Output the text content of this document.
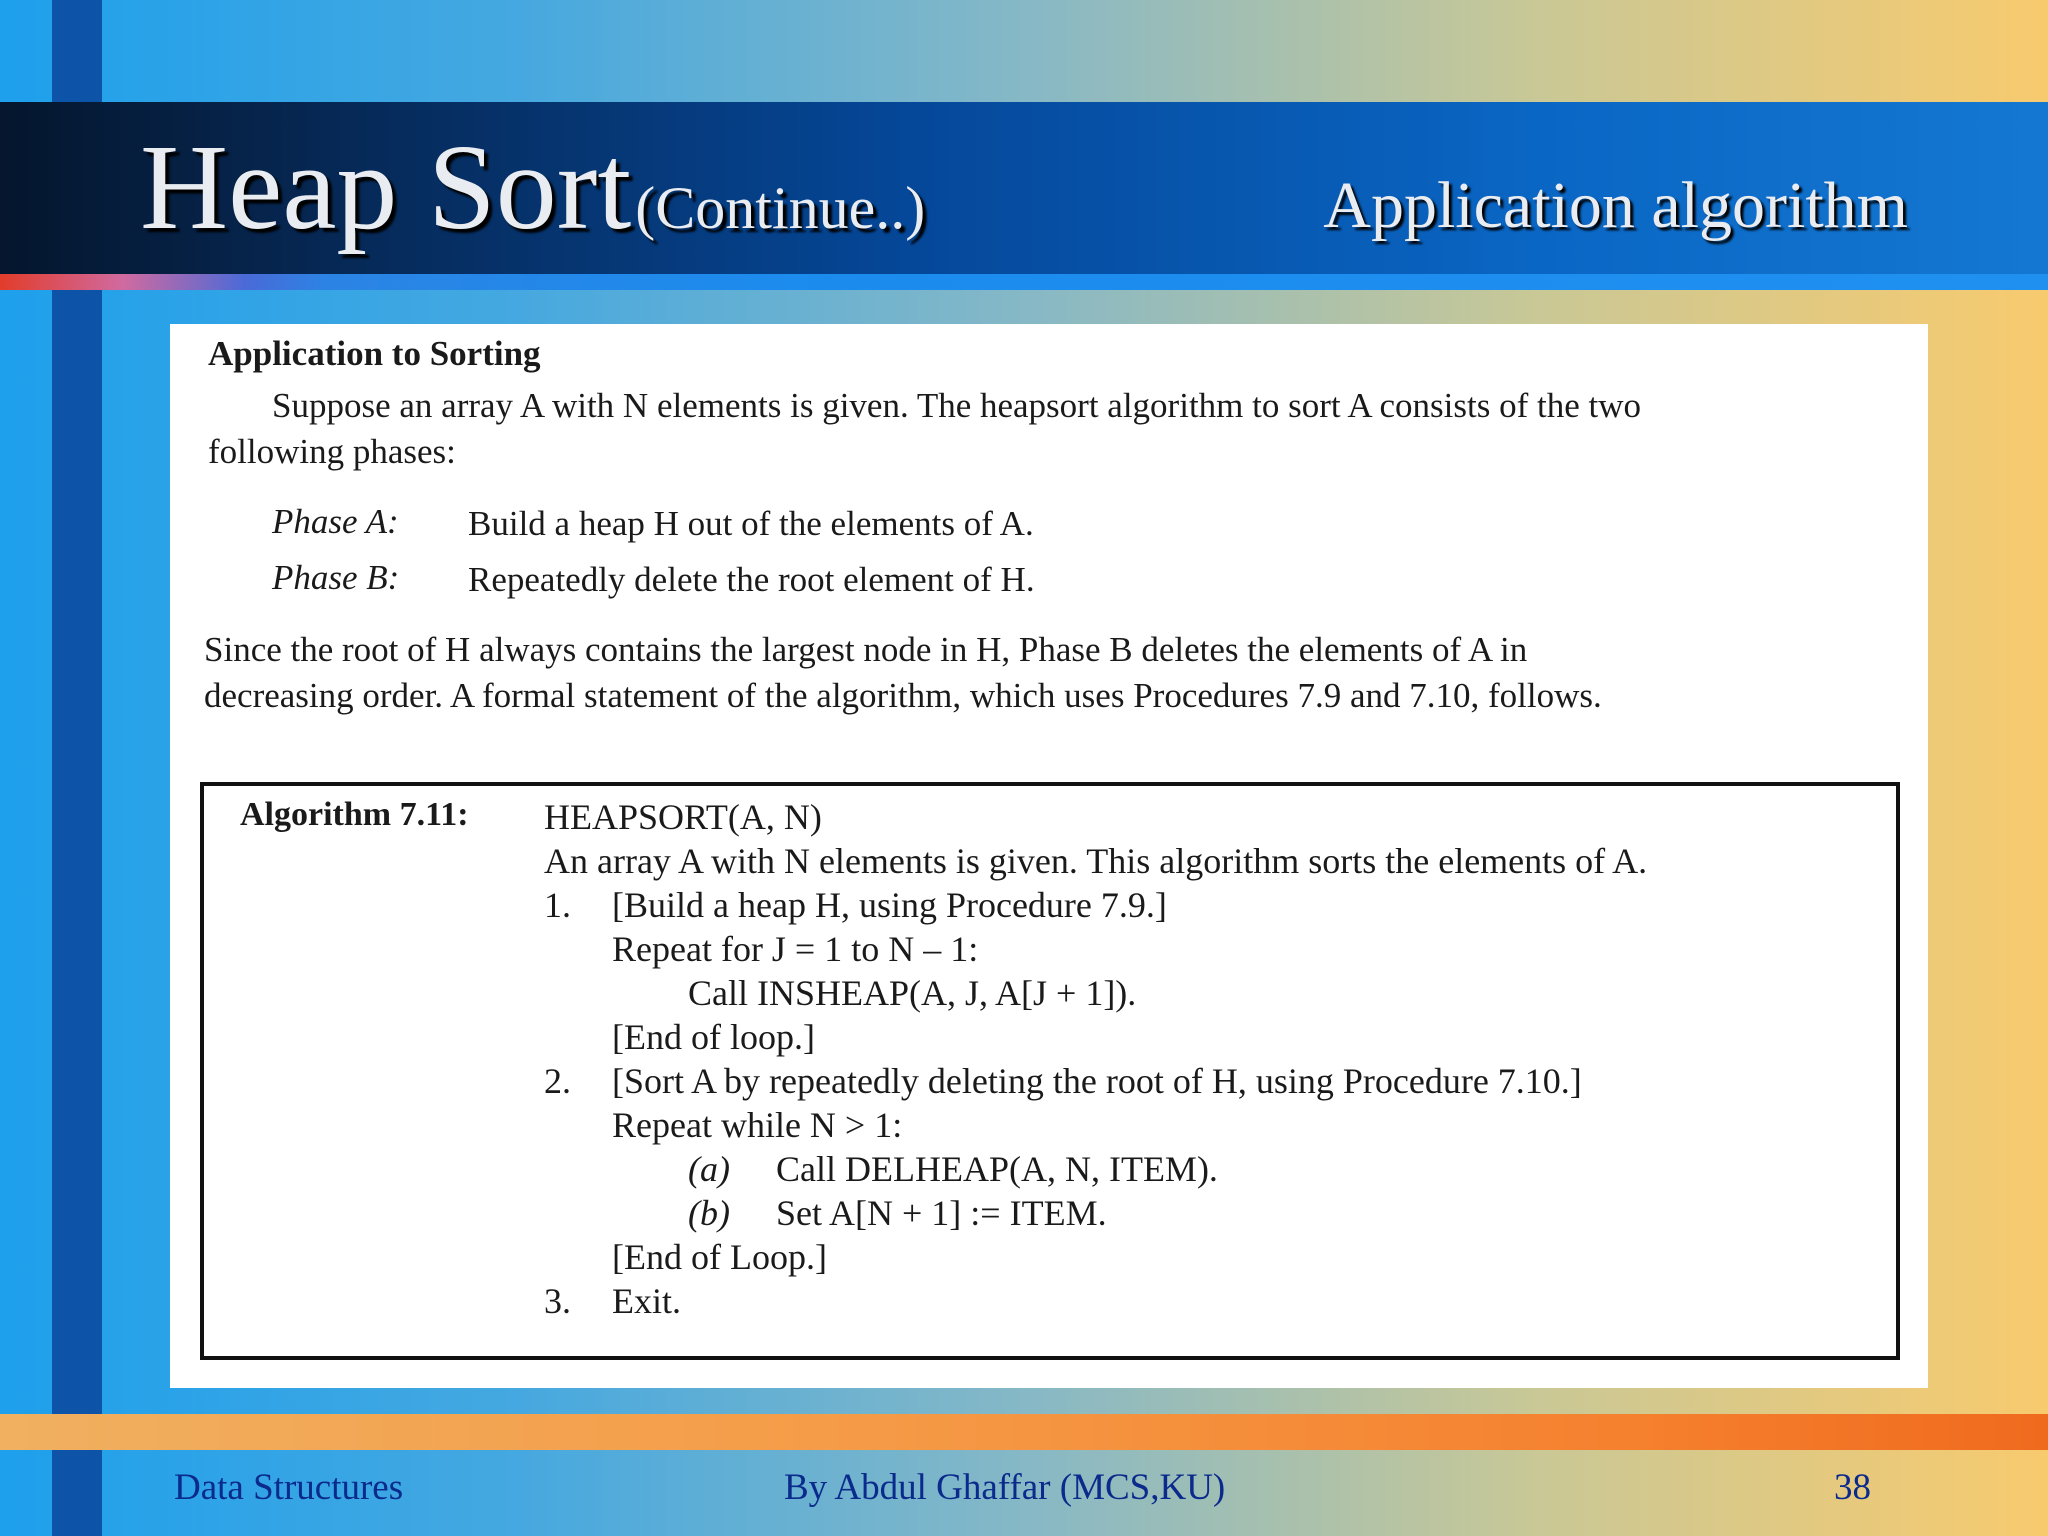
Heap Sort (Continue..)	Application algorithm
Application to Sorting
Suppose an array A with N elements is given. The heapsort algorithm to sort A consists of the two
following phases:
Phase A: Build a heap H out of the elements of A.
Phase B: Repeatedly delete the root element of H.
Since the root of H always contains the largest node in H, Phase B deletes the elements of A in
decreasing order. A formal statement of the algorithm, which uses Procedures 7.9 and 7.10, follows.
Algorithm 7.11: HEAPSORT(A, N)
An array A with N elements is given. This algorithm sorts the elements of A.
1. [Build a heap H, using Procedure 7.9.]
Repeat for J = 1 to N – 1:
Call INSHEAP(A, J, A[J + 1]).
[End of loop.]
2. [Sort A by repeatedly deleting the root of H, using Procedure 7.10.]
Repeat while N > 1:
(a) Call DELHEAP(A, N, ITEM).
(b) Set A[N + 1] := ITEM.
[End of Loop.]
3. Exit.
Data Structures	By Abdul Ghaffar (MCS,KU)	38
